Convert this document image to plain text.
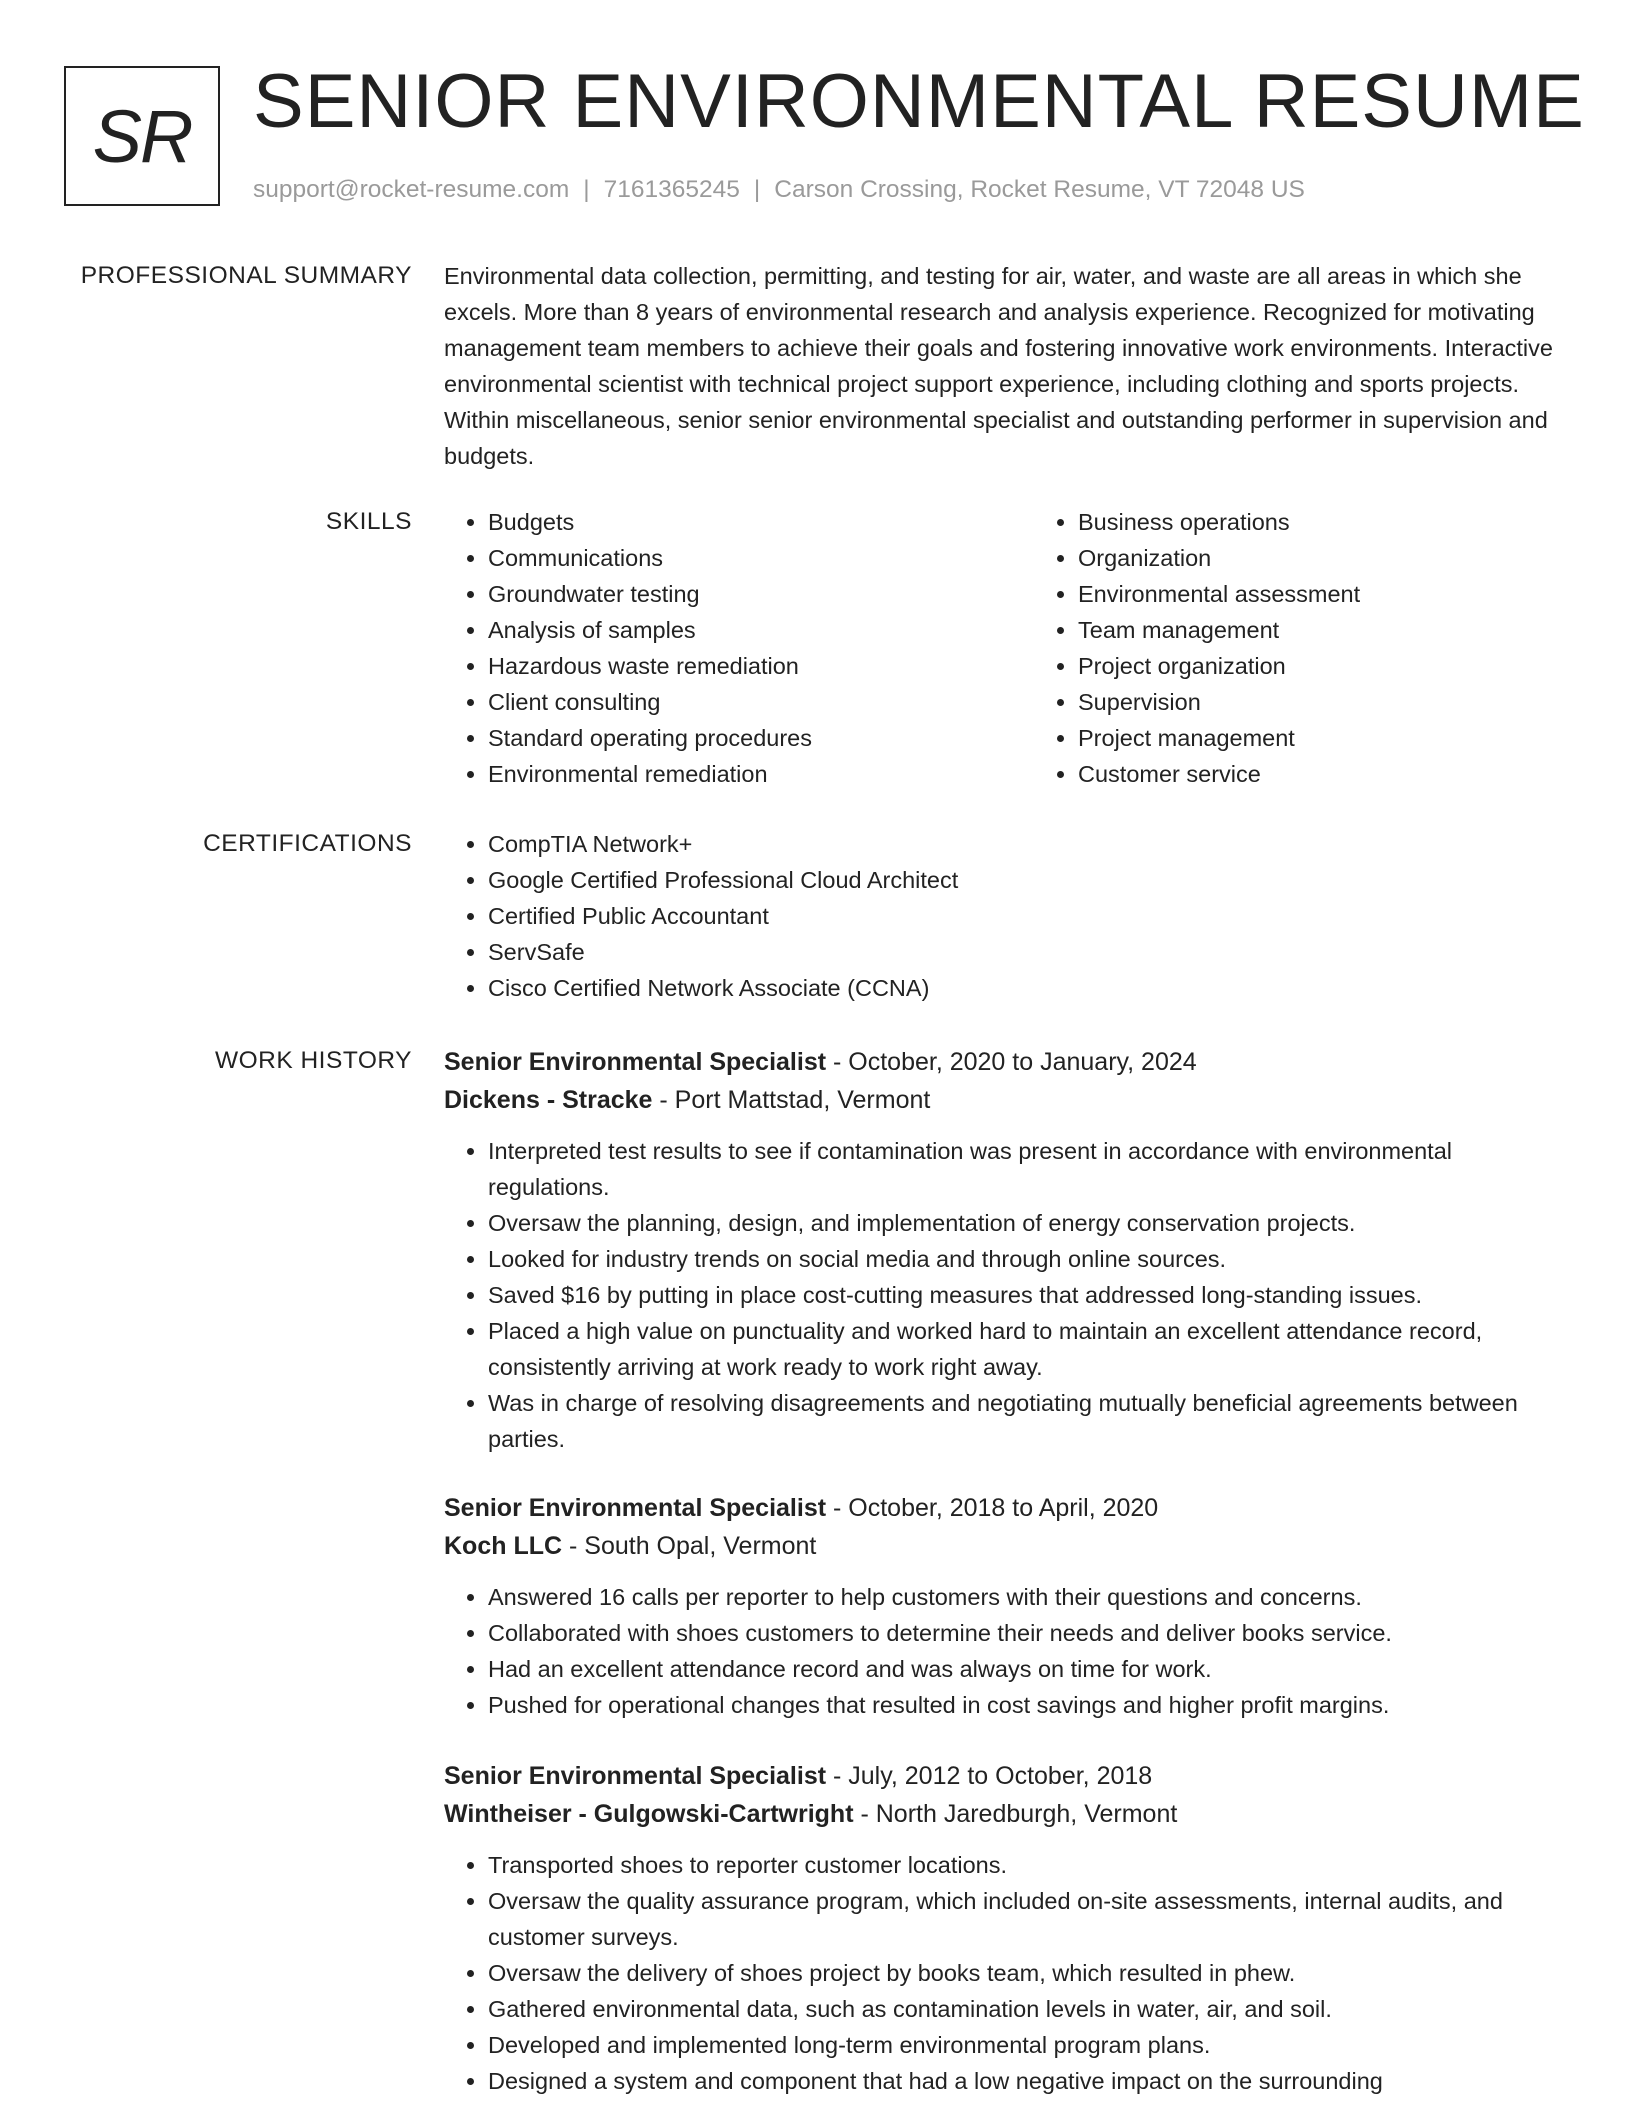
SR SENIOR ENVIRONMENTAL RESUME
support@rocket-resume.com | 7161365245 | Carson Crossing, Rocket Resume, VT 72048 US
PROFESSIONAL SUMMARY Environmental data collection, permitting, and testing for air, water, and waste are all areas in which she excels. More than 8 years of environmental research and analysis experience. Recognized for motivating management team members to achieve their goals and fostering innovative work environments. Interactive environmental scientist with technical project support experience, including clothing and sports projects. Within miscellaneous, senior senior environmental specialist and outstanding performer in supervision and budgets.

SKILLS	• Budgets
• Communications
• Groundwater testing
• Analysis of samples
• Hazardous waste remediation
• Client consulting
• Standard operating procedures
• Environmental remediation
• Business operations
• Organization
• Environmental assessment
• Team management
• Project organization
• Supervision
• Project management
• Customer service
CERTIFICATIONS	• CompTIA Network+
• Google Certified Professional Cloud Architect
• Certified Public Accountant
• ServSafe
• Cisco Certified Network Associate (CCNA)
WORK HISTORY Senior Environmental Specialist - October, 2020 to January, 2024
Dickens - Stracke - Port Mattstad, Vermont
• Interpreted test results to see if contamination was present in accordance with environmental regulations.
• Oversaw the planning, design, and implementation of energy conservation projects.
• Looked for industry trends on social media and through online sources.
• Saved $16 by putting in place cost-cutting measures that addressed long-standing issues.
• Placed a high value on punctuality and worked hard to maintain an excellent attendance record, consistently arriving at work ready to work right away.
• Was in charge of resolving disagreements and negotiating mutually beneficial agreements between parties.
Senior Environmental Specialist - October, 2018 to April, 2020
Koch LLC - South Opal, Vermont
• Answered 16 calls per reporter to help customers with their questions and concerns.
• Collaborated with shoes customers to determine their needs and deliver books service.
• Had an excellent attendance record and was always on time for work.
• Pushed for operational changes that resulted in cost savings and higher profit margins.
Senior Environmental Specialist - July, 2012 to October, 2018
Wintheiser - Gulgowski-Cartwright - North Jaredburgh, Vermont
• Transported shoes to reporter customer locations.
• Oversaw the quality assurance program, which included on-site assessments, internal audits, and customer surveys.
• Oversaw the delivery of shoes project by books team, which resulted in phew.
• Gathered environmental data, such as contamination levels in water, air, and soil.
• Developed and implemented long-term environmental program plans.
• Designed a system and component that had a low negative impact on the surrounding
